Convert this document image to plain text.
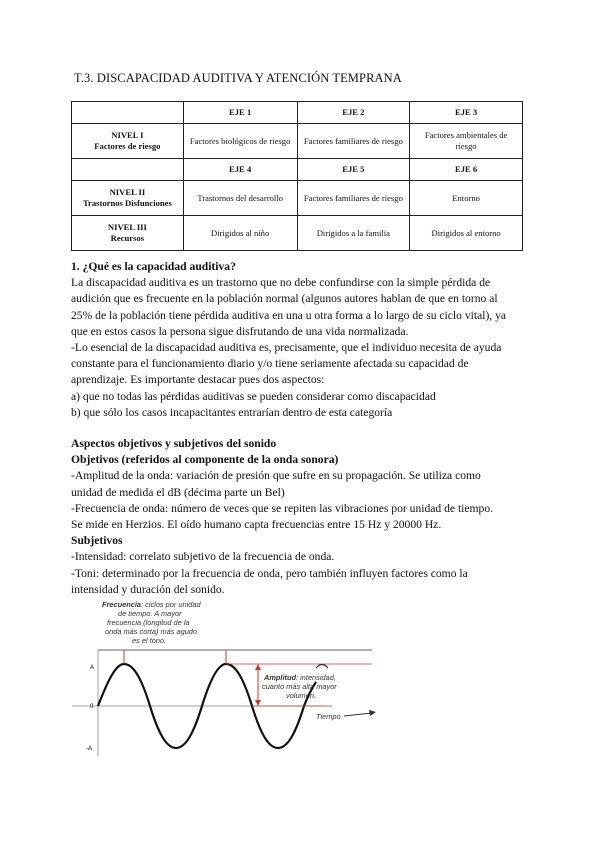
T.3. DISCAPACIDAD AUDITIVA Y ATENCIÓN TEMPRANA
	EJE 1	EJE 2	EJE 3
NIVEL I
Factores de riesgo	Factores biológicos de riesgo	Factores familiares de riesgo	Factores ambientales de riesgo
	EJE 4	EJE 5	EJE 6
NIVEL II
Trastornos Disfunciones	Trastornos del desarrollo	Factores familiares de riesgo	Entorno
NIVEL III
Recursos	Dirigidos al niño	Dirigidos a la familia	Dirigidos al entorno
1. ¿Qué es la capacidad auditiva?
La discapacidad auditiva es un trastorno que no debe confundirse con la simple pérdida de
audición que es frecuente en la población normal (algunos autores hablan de que en torno al
25% de la población tiene pérdida auditiva en una u otra forma a lo largo de su ciclo vital), ya
que en estos casos la persona sigue disfrutando de una vida normalizada.
-Lo esencial de la discapacidad auditiva es, precisamente, que el individuo necesita de ayuda
constante para el funcionamiento diario y/o tiene seriamente afectada su capacidad de
aprendizaje. Es importante destacar pues dos aspectos:
a) que no todas las pérdidas auditivas se pueden considerar como discapacidad
b) que sólo los casos incapacitantes entrarían dentro de esta categoría
Aspectos objetivos y subjetivos del sonido
Objetivos (referidos al componente de la onda sonora)
-Amplitud de la onda: variación de presión que sufre en su propagación. Se utiliza como
unidad de medida el dB (décima parte un Bel)
-Frecuencia de onda: número de veces que se repiten las vibraciones por unidad de tiempo.
Se mide en Herzios. El oído humano capta frecuencias entre 15 Hz y 20000 Hz.
Subjetivos
-Intensidad: correlato subjetivo de la frecuencia de onda.
-Toni: determinado por la frecuencia de onda, pero también influyen factores como la
intensidad y duración del sonido.
A
0
-A
Frecuencia: ciclos por unidad
de tiempo. A mayor
frecuencia (longitud de la
onda más corta) más agudo
es el tono.
Amplitud: intensidad,
cuanto más alta mayor
volumen.
Tiempo
